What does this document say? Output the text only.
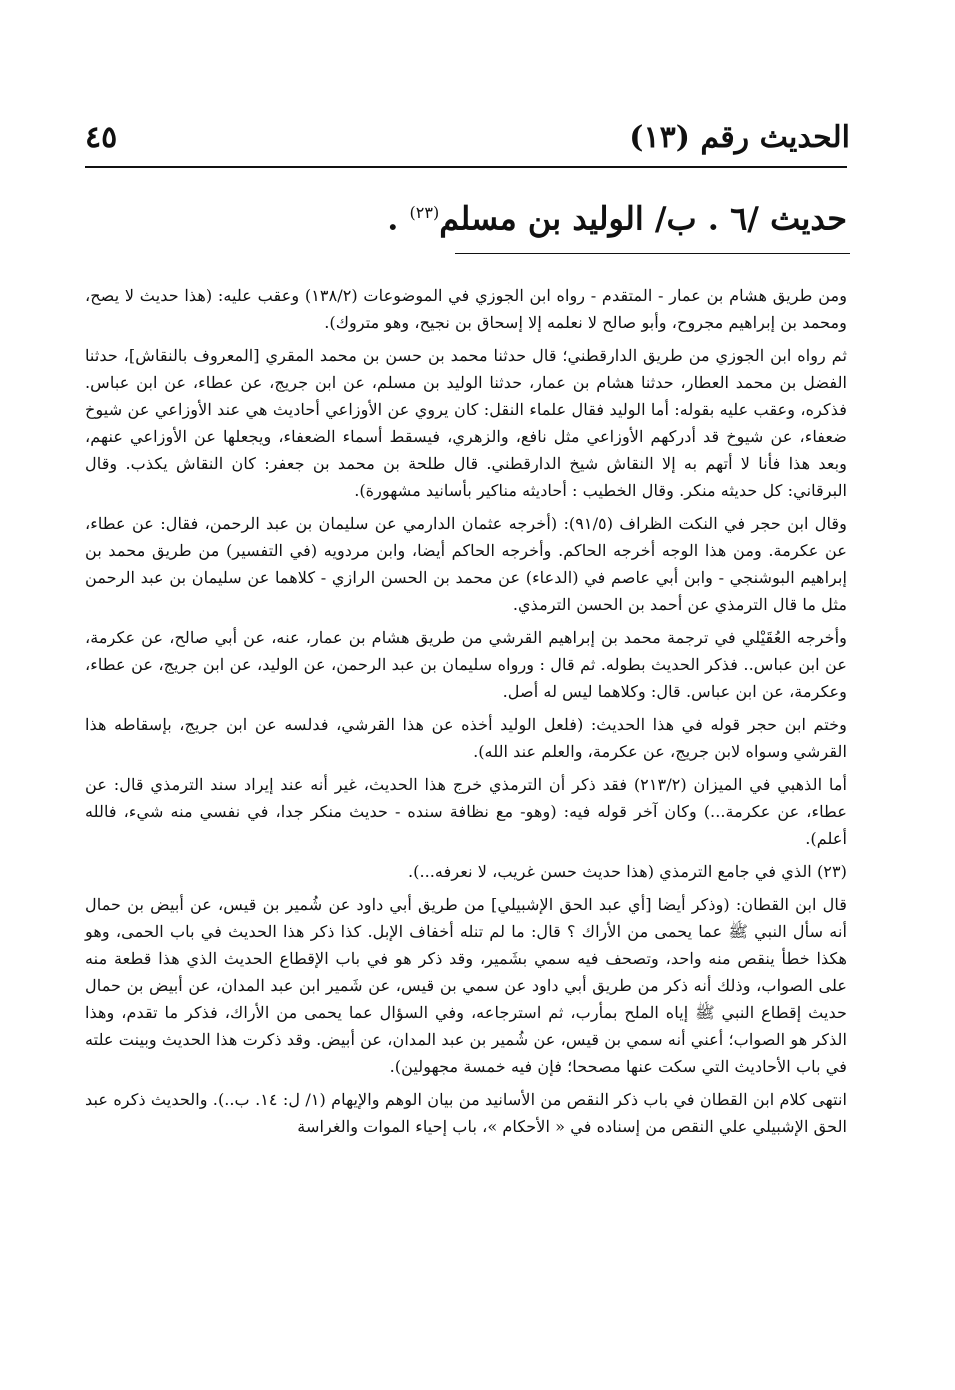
الحديث رقم (١٣)
٤٥
حديث /٦ . ب/ الوليد بن مسلم$^{(٢٣)}$ .

ومن طريق هشام بن عمار - المتقدم - رواه ابن الجوزي في الموضوعات (١٣٨/٢) وعقب عليه: (هذا حديث لا يصح، ومحمد بن إبراهيم مجروح، وأبو صالح لا نعلمه إلا إسحاق بن نجيح، وهو متروك).

ثم رواه ابن الجوزي من طريق الدارقطني؛ قال حدثنا محمد بن حسن بن محمد المقري [المعروف بالنقاش]، حدثنا الفضل بن محمد العطار، حدثنا هشام بن عمار، حدثنا الوليد بن مسلم، عن ابن جريج، عن عطاء، عن ابن عباس. فذكره، وعقب عليه بقوله: أما الوليد فقال علماء النقل: كان يروي عن الأوزاعي أحاديث هي عند الأوزاعي عن شيوخ ضعفاء، عن شيوخ قد أدركهم الأوزاعي مثل نافع، والزهري، فيسقط أسماء الضعفاء، ويجعلها عن الأوزاعي عنهم، وبعد هذا فأنا لا أتهم به إلا النقاش شيخ الدارقطني. قال طلحة بن محمد بن جعفر: كان النقاش يكذب. وقال البرقاني: كل حديثه منكر. وقال الخطيب : أحاديثه مناكير بأسانيد مشهورة).

وقال ابن حجر في النكت الظراف (٩١/٥): (أخرجه عثمان الدارمي عن سليمان بن عبد الرحمن، فقال: عن عطاء، عن عكرمة. ومن هذا الوجه أخرجه الحاكم. وأخرجه الحاكم أيضا، وابن مردويه (في التفسير) من طريق محمد بن إبراهيم البوشنجي - وابن أبي عاصم في (الدعاء) عن محمد بن الحسن الرازي - كلاهما عن سليمان بن عبد الرحمن مثل ما قال الترمذي عن أحمد بن الحسن الترمذي.

وأخرجه العُقَيْلي في ترجمة محمد بن إبراهيم القرشي من طريق هشام بن عمار، عنه، عن أبي صالح، عن عكرمة، عن ابن عباس.. فذكر الحديث بطوله. ثم قال : ورواه سليمان بن عبد الرحمن، عن الوليد، عن ابن جريج، عن عطاء، وعكرمة، عن ابن عباس. قال: وكلاهما ليس له أصل.

وختم ابن حجر قوله في هذا الحديث: (فلعل الوليد أخذه عن هذا القرشي، فدلسه عن ابن جريج، بإسقاطه هذا القرشي وسواه لابن جريج، عن عكرمة، والعلم عند الله).

أما الذهبي في الميزان (٢١٣/٢) فقد ذكر أن الترمذي خرج هذا الحديث، غير أنه عند إيراد سند الترمذي قال: عن عطاء، عن عكرمة...) وكان آخر قوله فيه: (وهو- مع نظافة سنده - حديث منكر جدا، في نفسي منه شيء، فالله أعلم).

(٢٣) الذي في جامع الترمذي (هذا حديث حسن غريب، لا نعرفه...).

قال ابن القطان: (وذكر أيضا [أي عبد الحق الإشبيلي] من طريق أبي داود عن شُمير بن قيس، عن أبيض بن حمال أنه سأل النبي ﷺ عما يحمى من الأراك ؟ قال: ما لم تنله أخفاف الإبل. كذا ذكر هذا الحديث في باب الحمى، وهو هكذا خطأ ينقص منه واحد، وتصحف فيه سمي بشَمير، وقد ذكر هو في باب الإقطاع الحديث الذي هذا قطعة منه على الصواب، وذلك أنه ذكر من طريق أبي داود عن سمي بن قيس، عن شَمير ابن عبد المدان، عن أبيض بن حمال حديث إقطاع النبي ﷺ إياه الملح بمأرب، ثم استرجاعه، وفي السؤال عما يحمى من الأراك، فذكر ما تقدم، وهذا الذكر هو الصواب؛ أعني أنه سمي بن قيس، عن شُمير بن عبد المدان، عن أبيض. وقد ذكرت هذا الحديث وبينت علته في باب الأحاديث التي سكت عنها مصححا؛ فإن فيه خمسة مجهولين).

انتهى كلام ابن القطان في باب ذكر النقص من الأسانيد من بيان الوهم والإيهام (١/ ل: ١٤. ب..). والحديث ذكره عبد الحق الإشبيلي علي النقص من إسناده في « الأحكام »، باب إحياء الموات والغراسة
